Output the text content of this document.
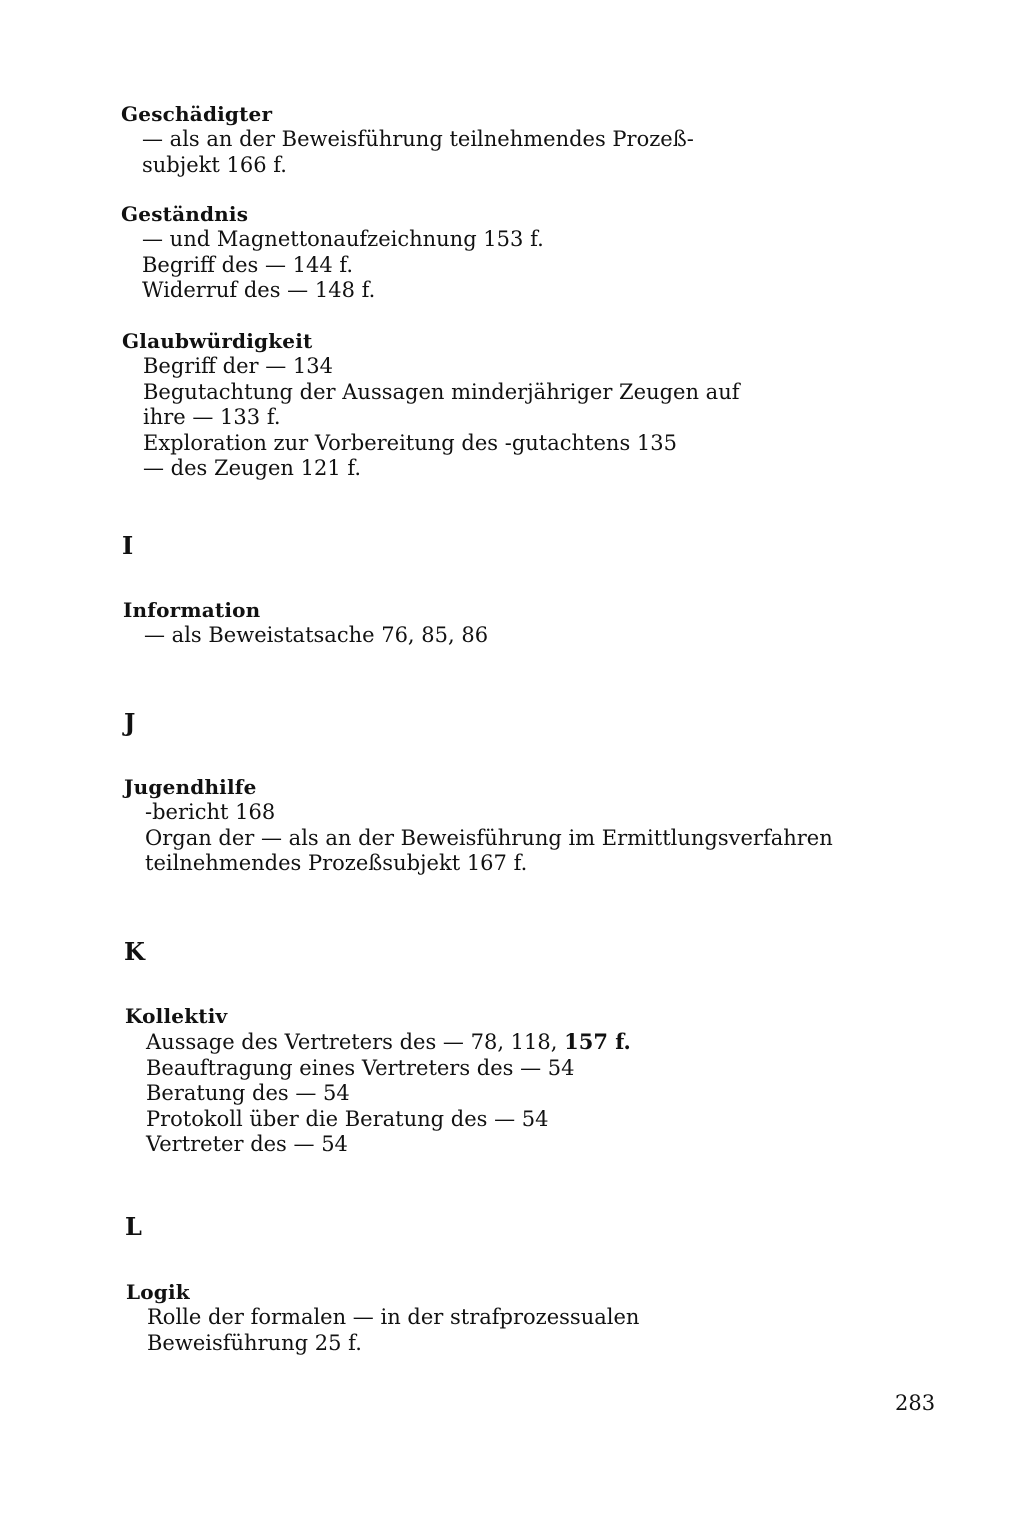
Geschädigter
— als an der Beweisführung teilnehmendes Prozeß-
subjekt 166 f.
Geständnis
— und Magnettonaufzeichnung 153 f.
Begriff des — 144 f.
Widerruf des — 148 f.
Glaubwürdigkeit
Begriff der — 134
Begutachtung der Aussagen minderjähriger Zeugen auf
ihre — 133 f.
Exploration zur Vorbereitung des -gutachtens 135
— des Zeugen 121 f.
I
Information
— als Beweistatsache 76, 85, 86
J
Jugendhilfe
-bericht 168
Organ der — als an der Beweisführung im Ermittlungsverfahren
teilnehmendes Prozeßsubjekt 167 f.
K
Kollektiv
Aussage des Vertreters des — 78, 118, 157 f.
Beauftragung eines Vertreters des — 54
Beratung des — 54
Protokoll über die Beratung des — 54
Vertreter des — 54
L
Logik
Rolle der formalen — in der strafprozessualen
Beweisführung 25 f.
283
